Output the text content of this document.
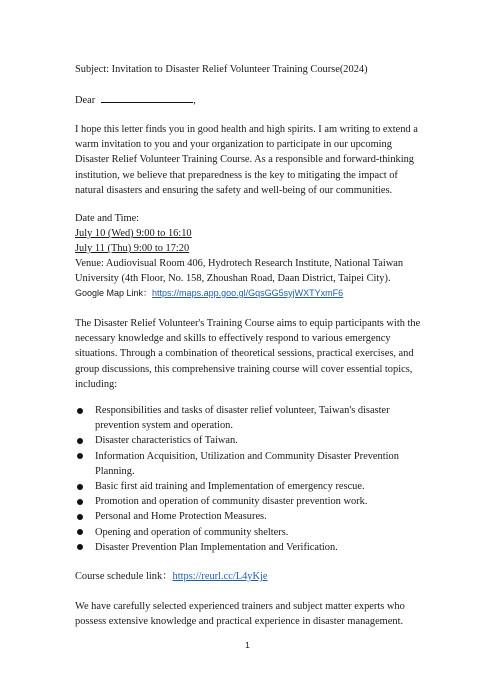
Subject: Invitation to Disaster Relief Volunteer Training Course(2024)

Dear	,

I hope this letter finds you in good health and high spirits. I am writing to extend a warm invitation to you and your organization to participate in our upcoming Disaster Relief Volunteer Training Course. As a responsible and forward-thinking institution, we believe that preparedness is the key to mitigating the impact of natural disasters and ensuring the safety and well-being of our communities.

Date and Time:

July 10 (Wed) 9:00 to 16:10

July 11 (Thu) 9:00 to 17:20

Venue: Audiovisual Room 406, Hydrotech Research Institute, National Taiwan University (4th Floor, No. 158, Zhoushan Road, Daan District, Taipei City).

Google Map Link：https://maps.app.goo.gl/GqsGG5syjWXTYxmF6

The Disaster Relief Volunteer's Training Course aims to equip participants with the necessary knowledge and skills to effectively respond to various emergency situations. Through a combination of theoretical sessions, practical exercises, and group discussions, this comprehensive training course will cover essential topics, including:

Responsibilities and tasks of disaster relief volunteer, Taiwan's disaster prevention system and operation.
Disaster characteristics of Taiwan.
Information Acquisition, Utilization and Community Disaster Prevention Planning.
Basic first aid training and Implementation of emergency rescue.
Promotion and operation of community disaster prevention work.
Personal and Home Protection Measures.
Opening and operation of community shelters.
Disaster Prevention Plan Implementation and Verification.

Course schedule link：https://reurl.cc/L4yKje

We have carefully selected experienced trainers and subject matter experts who possess extensive knowledge and practical experience in disaster management.

1
